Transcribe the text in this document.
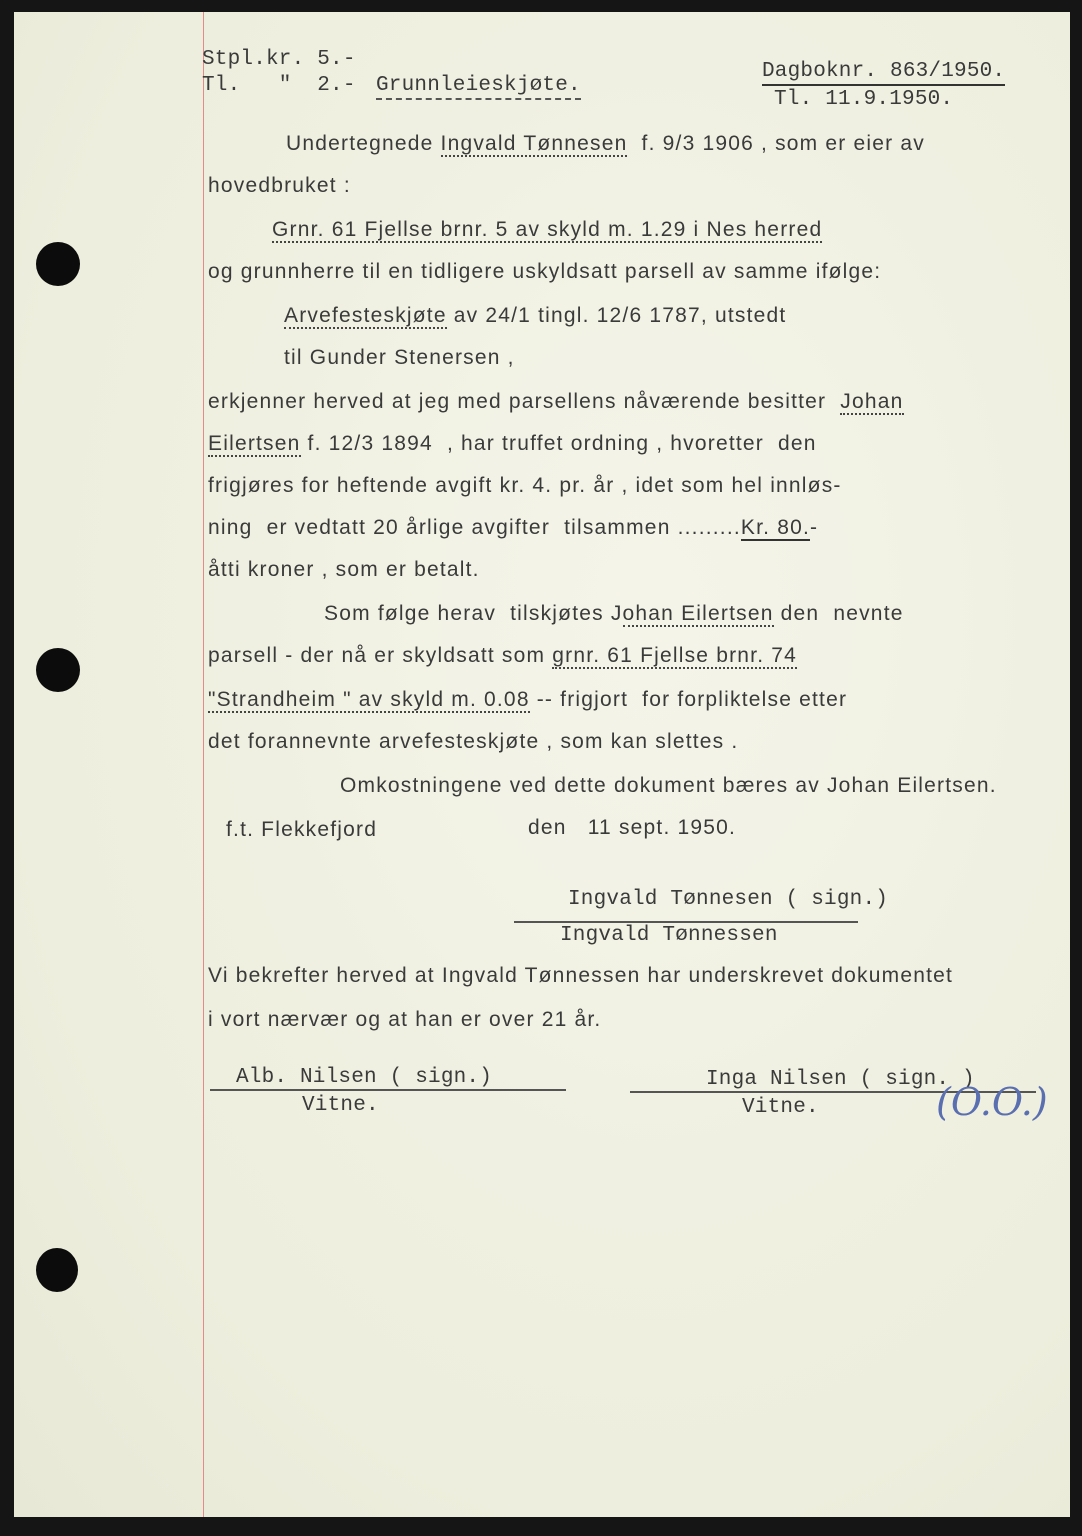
Stpl.kr. 5.-
Tl.   "  2.- Grunnleieskjøte.
Dagboknr. 863/1950.
Tl. 11.9.1950.
Undertegnede Ingvald Tønnesen  f. 9/3 1906 , som er eier av
hovedbruket :
Grnr. 61 Fjellse brnr. 5 av skyld m. 1.29 i Nes herred
og grunnherre til en tidligere uskyldsatt parsell av samme ifølge:
Arvefesteskjøte av 24/1 tingl. 12/6 1787, utstedt
til Gunder Stenersen ,
erkjenner herved at jeg med parsellens nåværende besitter  Johan
Eilertsen f. 12/3 1894  , har truffet ordning , hvoretter  den
frigjøres for heftende avgift kr. 4. pr. år , idet som hel innløs-
ning  er vedtatt 20 årlige avgifter  tilsammen .........Kr. 80.-
åtti kroner , som er betalt.
Som følge herav  tilskjøtes Johan Eilertsen den  nevnte
parsell - der nå er skyldsatt som grnr. 61 Fjellse brnr. 74
"Strandheim " av skyld m. 0.08 -- frigjort  for forpliktelse etter
det forannevnte arvefesteskjøte , som kan slettes .
Omkostningene ved dette dokument bæres av Johan Eilertsen.
f.t. Flekkefjord	den   11 sept. 1950.
Ingvald Tønnesen ( sign.)
Ingvald Tønnessen
Vi bekrefter herved at Ingvald Tønnessen har underskrevet dokumentet
i vort nærvær og at han er over 21 år.
Alb. Nilsen ( sign.)
Vitne.
Inga Nilsen ( sign. )
Vitne.	(O.O.)
